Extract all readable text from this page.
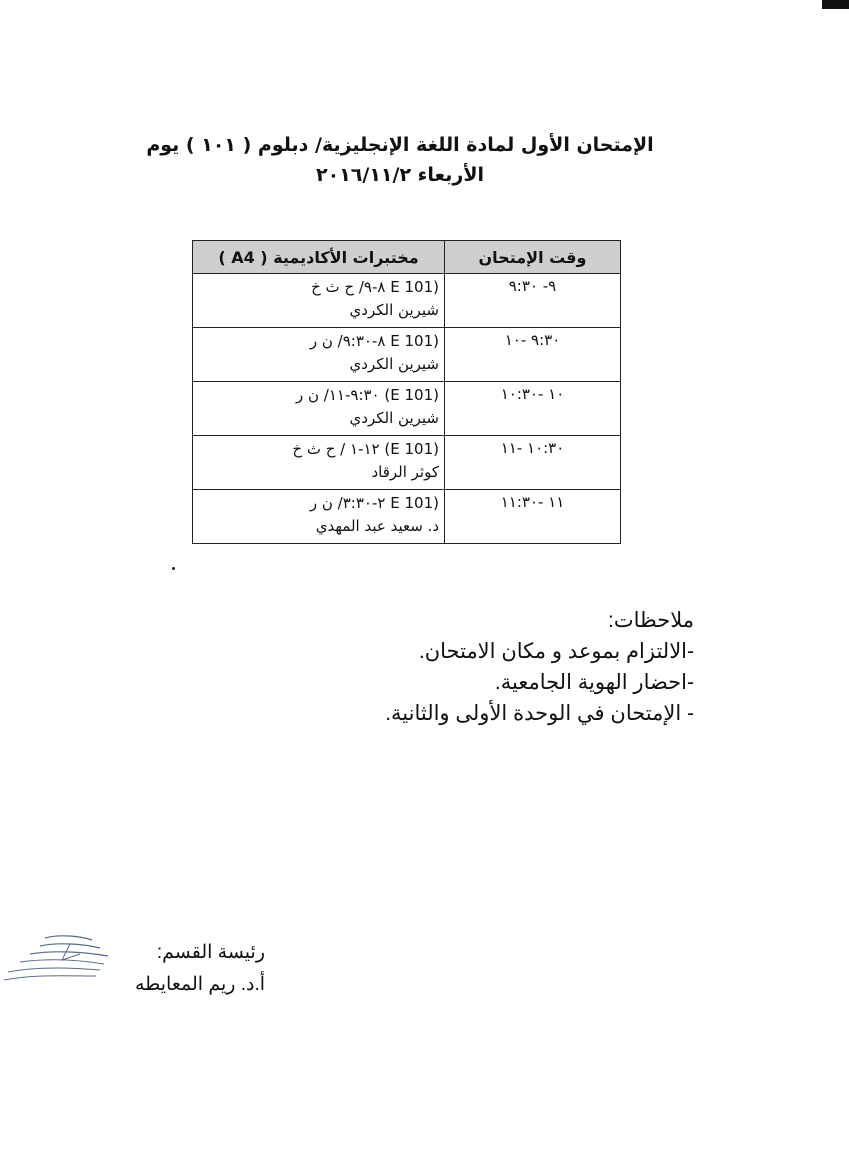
الإمتحان الأول لمادة اللغة الإنجليزية/ دبلوم ( ١٠١ ) يوم
الأربعاء ٢٠١٦/١١/٢
وقت الإمتحان	مختبرات الأكاديمية ( A4 )
٩- ٩:٣٠	(E 101 ٨-٩/ ح ث خ
شيرين الكردي

٩:٣٠ -١٠	(E 101 ٨-٩:٣٠/ ن ر
شيرين الكردي

١٠ -١٠:٣٠	(E 101) ٩:٣٠-١١/ ن ر
شيرين الكردي

١٠:٣٠ -١١	(E 101) ١٢-١ / ح ث خ
كوثر الرقاد

١١ -١١:٣٠	(E 101 ٢-٣:٣٠/ ن ر
د. سعيد عبد المهدي
ملاحظات:
-الالتزام بموعد و مكان الامتحان.
-احضار الهوية الجامعية.
- الإمتحان في الوحدة الأولى والثانية.
رئيسة القسم:
أ.د. ريم المعايطه
